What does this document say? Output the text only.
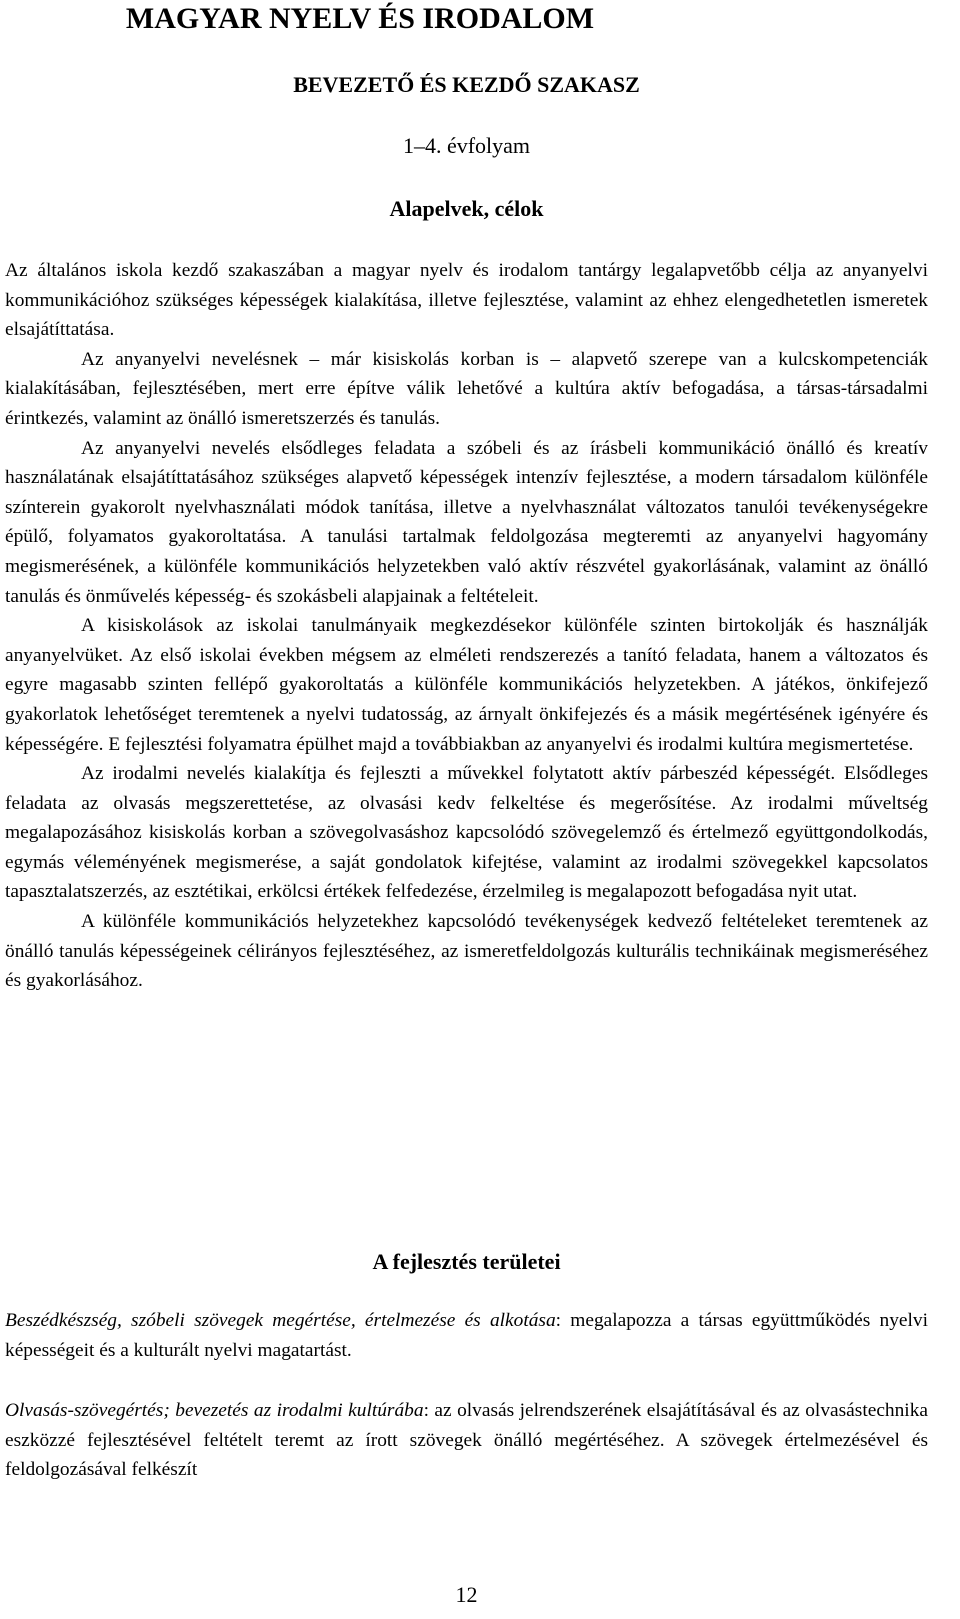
MAGYAR NYELV ÉS IRODALOM
BEVEZETŐ ÉS KEZDŐ SZAKASZ
1–4. évfolyam
Alapelvek, célok

Az általános iskola kezdő szakaszában a magyar nyelv és irodalom tantárgy legalapvetőbb célja az anyanyelvi kommunikációhoz szükséges képességek kialakítása, illetve fejlesztése, valamint az ehhez elengedhetetlen ismeretek elsajátíttatása.

Az anyanyelvi nevelésnek – már kisiskolás korban is – alapvető szerepe van a kulcskompetenciák kialakításában, fejlesztésében, mert erre építve válik lehetővé a kultúra aktív befogadása, a társas-társadalmi érintkezés, valamint az önálló ismeretszerzés és tanulás.

Az anyanyelvi nevelés elsődleges feladata a szóbeli és az írásbeli kommunikáció önálló és kreatív használatának elsajátíttatásához szükséges alapvető képességek intenzív fejlesztése, a modern társadalom különféle színterein gyakorolt nyelvhasználati módok tanítása, illetve a nyelvhasználat változatos tanulói tevékenységekre épülő, folyamatos gyakoroltatása. A tanulási tartalmak feldolgozása megteremti az anyanyelvi hagyomány megismerésének, a különféle kommunikációs helyzetekben való aktív részvétel gyakorlásának, valamint az önálló tanulás és önművelés képesség- és szokásbeli alapjainak a feltételeit.

A kisiskolások az iskolai tanulmányaik megkezdésekor különféle szinten birtokolják és használják anyanyelvüket. Az első iskolai években mégsem az elméleti rendszerezés a tanító feladata, hanem a változatos és egyre magasabb szinten fellépő gyakoroltatás a különféle kommunikációs helyzetekben. A játékos, önkifejező gyakorlatok lehetőséget teremtenek a nyelvi tudatosság, az árnyalt önkifejezés és a másik megértésének igényére és képességére. E fejlesztési folyamatra épülhet majd a továbbiakban az anyanyelvi és irodalmi kultúra megismertetése.

Az irodalmi nevelés kialakítja és fejleszti a művekkel folytatott aktív párbeszéd képességét. Elsődleges feladata az olvasás megszerettetése, az olvasási kedv felkeltése és megerősítése. Az irodalmi műveltség megalapozásához kisiskolás korban a szövegolvasáshoz kapcsolódó szövegelemző és értelmező együttgondolkodás, egymás véleményének megismerése, a saját gondolatok kifejtése, valamint az irodalmi szövegekkel kapcsolatos tapasztalatszerzés, az esztétikai, erkölcsi értékek felfedezése, érzelmileg is megalapozott befogadása nyit utat.

A különféle kommunikációs helyzetekhez kapcsolódó tevékenységek kedvező feltételeket teremtenek az önálló tanulás képességeinek célirányos fejlesztéséhez, az ismeretfeldolgozás kulturális technikáinak megismeréséhez és gyakorlásához.

A fejlesztés területei

Beszédkészség, szóbeli szövegek megértése, értelmezése és alkotása: megalapozza a társas együttműködés nyelvi képességeit és a kulturált nyelvi magatartást.

Olvasás-szövegértés; bevezetés az irodalmi kultúrába: az olvasás jelrendszerének elsajátításával és az olvasástechnika eszközzé fejlesztésével feltételt teremt az írott szövegek önálló megértéséhez. A szövegek értelmezésével és feldolgozásával felkészít

12
